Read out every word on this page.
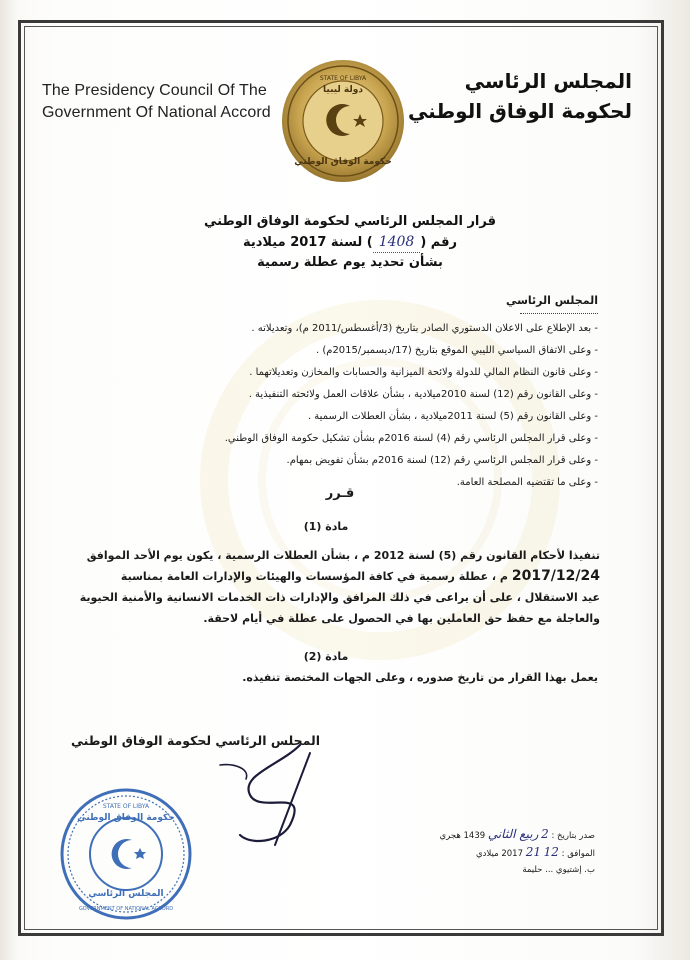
The Presidency Council Of The
Government Of National Accord
STATE OF LIBYA
دولة ليبيا
حكومة الوفاق الوطني
المجلس الرئاسي
لحكومة الوفاق الوطني
قرار المجلس الرئاسي لحكومة الوفاق الوطني
رقم (1408) لسنة 2017 ميلادية
بشأن تحديد يوم عطلة رسمية
المجلس الرئاسي
- بعد الإطلاع على الاعلان الدستوري الصادر بتاريخ (3/أغسطس/2011 م)، وتعديلاته .
- وعلى الاتفاق السياسي الليبي الموقع بتاريخ (17/ديسمبر/2015م) .
- وعلى قانون النظام المالي للدولة ولائحة الميزانية والحسابات والمخازن وتعديلاتهما .
- وعلى القانون رقم (12) لسنة 2010ميلادية ، بشأن علاقات العمل ولائحته التنفيذية .
- وعلى القانون رقم (5) لسنة 2011ميلادية ، بشأن العطلات الرسمية .
- وعلى قرار المجلس الرئاسي رقم (4) لسنة 2016م بشأن تشكيل حكومة الوفاق الوطني.
- وعلى قرار المجلس الرئاسي رقم (12) لسنة 2016م بشأن تفويض بمهام.
- وعلى ما تقتضيه المصلحة العامة.
قـرر
مادة (1)
تنفيذا لأحكام القانون رقم (5) لسنة 2012 م ، بشأن العطلات الرسمية ، يكون يوم الأحد الموافق
2017/12/24 م ، عطلة رسمية في كافة المؤسسات والهيئات والإدارات العامة بمناسبة
عيد الاستقلال ، على أن يراعى في ذلك المرافق والإدارات ذات الخدمات الانسانية والأمنية الحيوية
والعاجلة مع حفظ حق العاملين بها في الحصول على عطلة في أيام لاحقة.
مادة (2)
يعمل بهذا القرار من تاريخ صدوره ، وعلى الجهات المختصة تنفيذه.
المجلس الرئاسي لحكومة الوفاق الوطني
STATE OF LIBYA
حكومة الوفاق الوطني
المجلس الرئاسي
GOVERNMENT OF NATIONAL ACCORD
صدر بتاريخ : 2 ربيع الثاني 1439 هجري
الموافق : 12 21 2017 ميلادي
ب. إشتيوي ... حليمة
